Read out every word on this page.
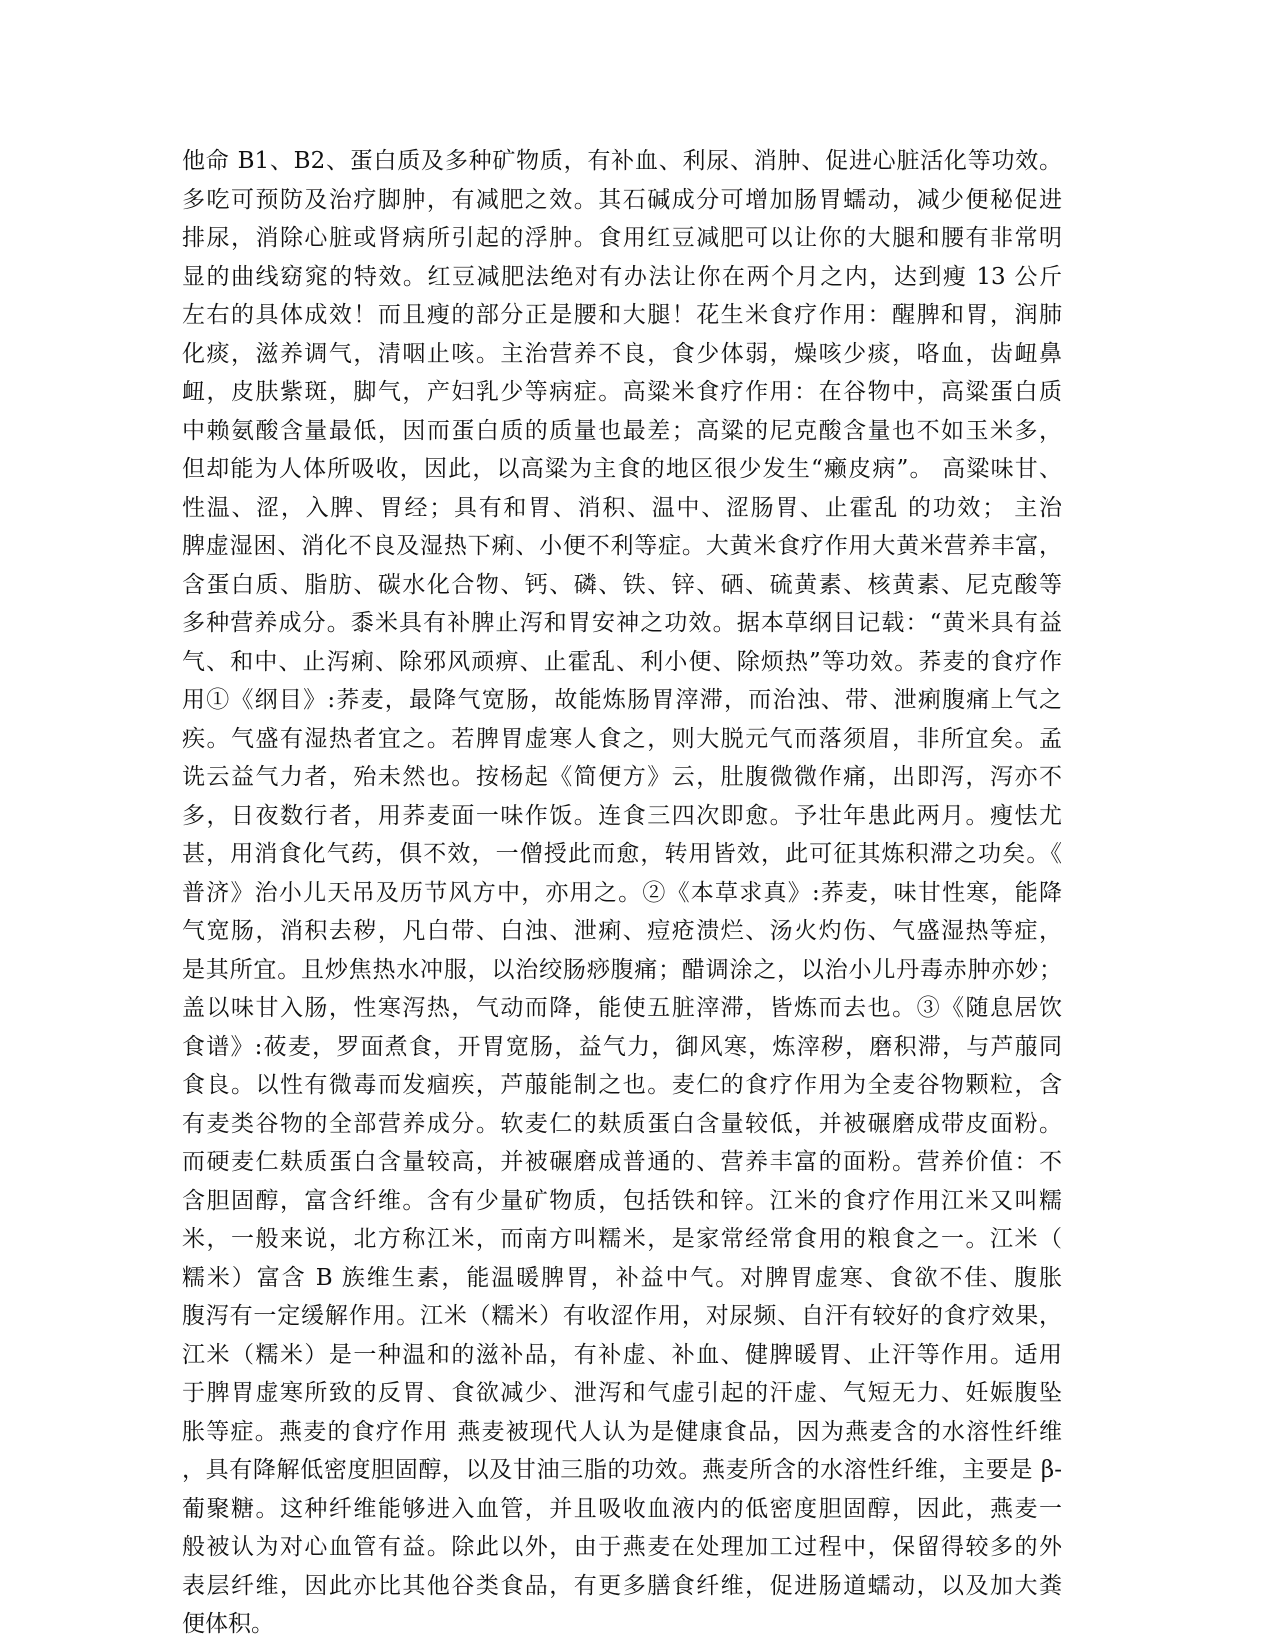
他命 B1、B2、蛋白质及多种矿物质，有补血、利尿、消肿、促进心脏活化等功效。
多吃可预防及治疗脚肿，有减肥之效。其石碱成分可增加肠胃蠕动，减少便秘促进
排尿，消除心脏或肾病所引起的浮肿。食用红豆减肥可以让你的大腿和腰有非常明
显的曲线窈窕的特效。红豆减肥法绝对有办法让你在两个月之内，达到瘦 13 公斤
左右的具体成效！而且瘦的部分正是腰和大腿！花生米食疗作用：醒脾和胃，润肺
化痰，滋养调气，清咽止咳。主治营养不良，食少体弱，燥咳少痰，咯血，齿衄鼻
衄，皮肤紫斑，脚气，产妇乳少等病症。高粱米食疗作用：在谷物中，高粱蛋白质
中赖氨酸含量最低，因而蛋白质的质量也最差；高粱的尼克酸含量也不如玉米多，
但却能为人体所吸收，因此，以高粱为主食的地区很少发生“癞皮病”。 高粱味甘、
性温、涩，入脾、胃经；具有和胃、消积、温中、涩肠胃、止霍乱 的功效； 主治
脾虚湿困、消化不良及湿热下痢、小便不利等症。大黄米食疗作用大黄米营养丰富，
含蛋白质、脂肪、碳水化合物、钙、磷、铁、锌、硒、硫黄素、核黄素、尼克酸等
多种营养成分。黍米具有补脾止泻和胃安神之功效。据本草纲目记载：“黄米具有益
气、和中、止泻痢、除邪风顽痹、止霍乱、利小便、除烦热”等功效。荞麦的食疗作
用①《纲目》:荞麦，最降气宽肠，故能炼肠胃滓滞，而治浊、带、泄痢腹痛上气之
疾。气盛有湿热者宜之。若脾胃虚寒人食之，则大脱元气而落须眉，非所宜矣。孟
诜云益气力者，殆未然也。按杨起《简便方》云，肚腹微微作痛，出即泻，泻亦不
多，日夜数行者，用荞麦面一味作饭。连食三四次即愈。予壮年患此两月。瘦怯尤
甚，用消食化气药，俱不效，一僧授此而愈，转用皆效，此可征其炼积滞之功矣。《
普济》治小儿天吊及历节风方中，亦用之。②《本草求真》:荞麦，味甘性寒，能降
气宽肠，消积去秽，凡白带、白浊、泄痢、痘疮溃烂、汤火灼伤、气盛湿热等症，
是其所宜。且炒焦热水冲服，以治绞肠痧腹痛；醋调涂之，以治小儿丹毒赤肿亦妙；
盖以味甘入肠，性寒泻热，气动而降，能使五脏滓滞，皆炼而去也。③《随息居饮
食谱》:莜麦，罗面煮食，开胃宽肠，益气力，御风寒，炼滓秽，磨积滞，与芦菔同
食良。以性有微毒而发痼疾，芦菔能制之也。麦仁的食疗作用为全麦谷物颗粒，含
有麦类谷物的全部营养成分。软麦仁的麸质蛋白含量较低，并被碾磨成带皮面粉。
而硬麦仁麸质蛋白含量较高，并被碾磨成普通的、营养丰富的面粉。营养价值：不
含胆固醇，富含纤维。含有少量矿物质，包括铁和锌。江米的食疗作用江米又叫糯
米，一般来说，北方称江米，而南方叫糯米，是家常经常食用的粮食之一。江米（
糯米）富含 B 族维生素，能温暖脾胃，补益中气。对脾胃虚寒、食欲不佳、腹胀
腹泻有一定缓解作用。江米（糯米）有收涩作用，对尿频、自汗有较好的食疗效果，
江米（糯米）是一种温和的滋补品，有补虚、补血、健脾暖胃、止汗等作用。适用
于脾胃虚寒所致的反胃、食欲减少、泄泻和气虚引起的汗虚、气短无力、妊娠腹坠
胀等症。燕麦的食疗作用 燕麦被现代人认为是健康食品，因为燕麦含的水溶性纤维
，具有降解低密度胆固醇，以及甘油三脂的功效。燕麦所含的水溶性纤维，主要是 β-
葡聚糖。这种纤维能够进入血管，并且吸收血液内的低密度胆固醇，因此，燕麦一
般被认为对心血管有益。除此以外，由于燕麦在处理加工过程中，保留得较多的外
表层纤维，因此亦比其他谷类食品，有更多膳食纤维，促进肠道蠕动，以及加大粪
便体积。
